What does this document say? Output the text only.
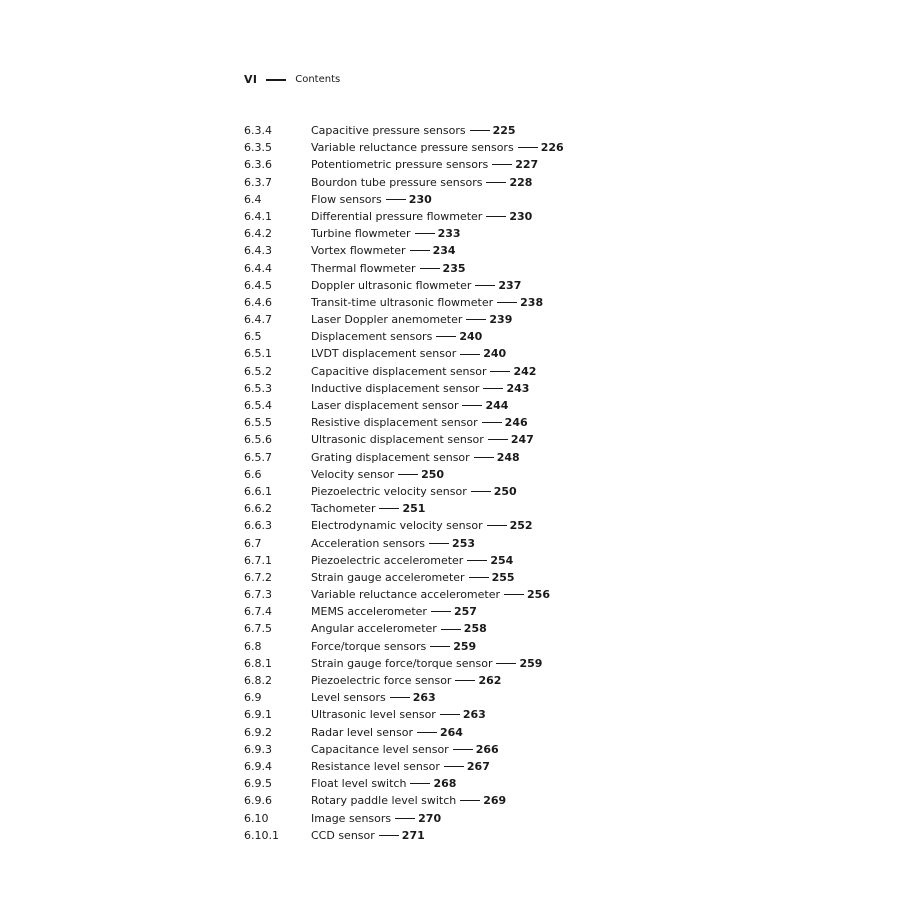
VI	Contents
6.3.4	Capacitive pressure sensors 225
6.3.5	Variable reluctance pressure sensors 226
6.3.6	Potentiometric pressure sensors 227
6.3.7	Bourdon tube pressure sensors 228
6.4	Flow sensors 230
6.4.1	Differential pressure flowmeter 230
6.4.2	Turbine flowmeter 233
6.4.3	Vortex flowmeter 234
6.4.4	Thermal flowmeter 235
6.4.5	Doppler ultrasonic flowmeter 237
6.4.6	Transit-time ultrasonic flowmeter 238
6.4.7	Laser Doppler anemometer 239
6.5	Displacement sensors 240
6.5.1	LVDT displacement sensor 240
6.5.2	Capacitive displacement sensor 242
6.5.3	Inductive displacement sensor 243
6.5.4	Laser displacement sensor 244
6.5.5	Resistive displacement sensor 246
6.5.6	Ultrasonic displacement sensor 247
6.5.7	Grating displacement sensor 248
6.6	Velocity sensor 250
6.6.1	Piezoelectric velocity sensor 250
6.6.2	Tachometer 251
6.6.3	Electrodynamic velocity sensor 252
6.7	Acceleration sensors 253
6.7.1	Piezoelectric accelerometer 254
6.7.2	Strain gauge accelerometer 255
6.7.3	Variable reluctance accelerometer 256
6.7.4	MEMS accelerometer 257
6.7.5	Angular accelerometer 258
6.8	Force/torque sensors 259
6.8.1	Strain gauge force/torque sensor 259
6.8.2	Piezoelectric force sensor 262
6.9	Level sensors 263
6.9.1	Ultrasonic level sensor 263
6.9.2	Radar level sensor 264
6.9.3	Capacitance level sensor 266
6.9.4	Resistance level sensor 267
6.9.5	Float level switch 268
6.9.6	Rotary paddle level switch 269
6.10	Image sensors 270
6.10.1	CCD sensor 271
